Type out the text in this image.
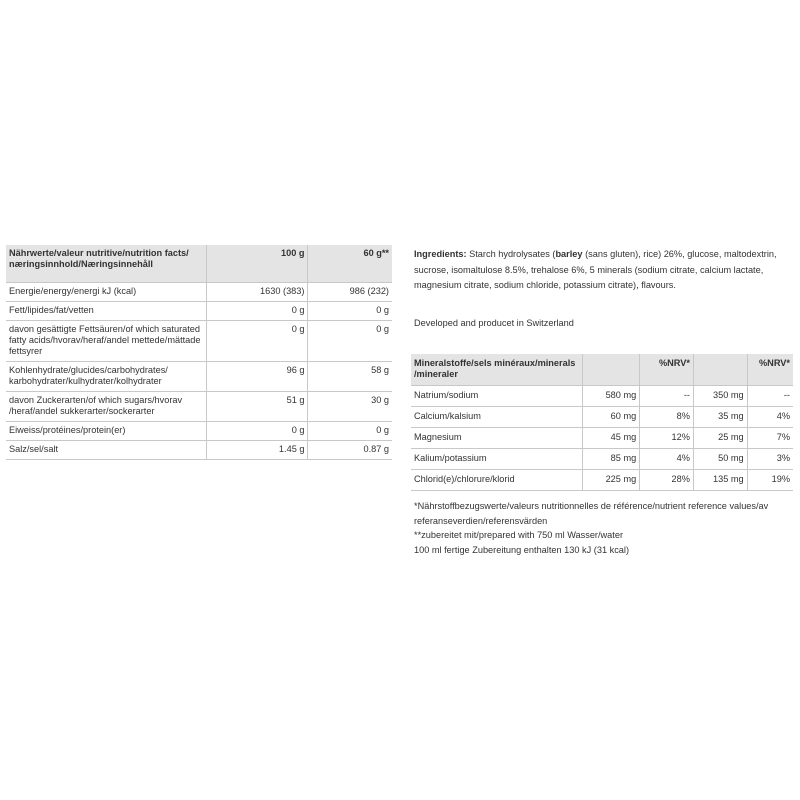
Nährwerte/valeur nutritive/nutrition facts/ næringsinnhold/Næringsinnehåll	100 g	60 g**

Energie/energy/energi kJ (kcal)	1630 (383)	986 (232)
Fett/lipides/fat/vetten	0 g	0 g
davon gesättigte Fettsäuren/of which saturated fatty acids/hvorav/heraf/andel mettede/mättade fettsyrer	0 g	0 g
Kohlenhydrate/glucides/carbohydrates/ karbohydrater/kulhydrater/kolhydrater	96 g	58 g
davon Zuckerarten/of which sugars/hvorav /heraf/andel sukkerarter/sockerarter	51 g	30 g
Eiweiss/protéines/protein(er)	0 g	0 g
Salz/sel/salt	1.45 g	0.87 g

Ingredients: Starch hydrolysates (barley (sans gluten), rice) 26%, glucose, maltodextrin, sucrose, isomaltulose 8.5%, trehalose 6%, 5 minerals (sodium citrate, calcium lactate, magnesium citrate, sodium chloride, potassium citrate), flavours.

Developed and producet in Switzerland

Mineralstoffe/sels minéraux/minerals /mineraler		%NRV*		%NRV*
Natrium/sodium	580 mg	--	350 mg	--
Calcium/kalsium	60 mg	8%	35 mg	4%
Magnesium	45 mg	12%	25 mg	7%
Kalium/potassium	85 mg	4%	50 mg	3%
Chlorid(e)/chlorure/klorid	225 mg	28%	135 mg	19%
*Nährstoffbezugswerte/valeurs nutritionnelles de référence/nutrient reference values/av referanseverdien/referensvärden
**zubereitet mit/prepared with 750 ml Wasser/water
100 ml fertige Zubereitung enthalten 130 kJ (31 kcal)
